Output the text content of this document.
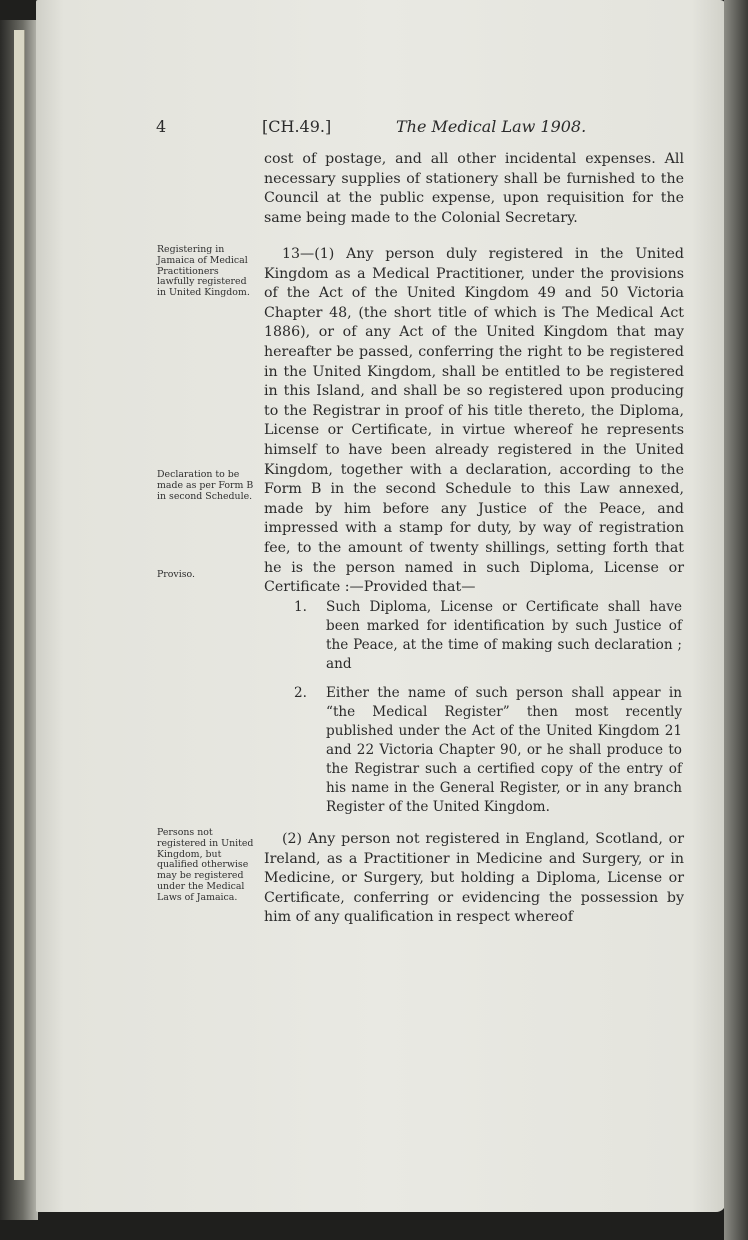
4	[CH.49.]	The Medical Law 1908.

cost of postage, and all other incidental expenses. All necessary supplies of stationery shall be furnished to the Council at the public expense, upon requisition for the same being made to the Colonial Secretary.

Registering in Jamaica of Medical Practitioners lawfully registered in United Kingdom.

13—(1) Any person duly registered in the United Kingdom as a Medical Practitioner, under the provisions of the Act of the United Kingdom 49 and 50 Victoria Chapter 48, (the short title of which is The Medical Act 1886), or of any Act of the United Kingdom that may hereafter be passed, conferring the right to be registered in the United Kingdom, shall be entitled to be registered in this Island, and shall be so registered upon producing to the Registrar in proof of his title thereto, the Diploma, License or Certificate, in virtue whereof he represents himself to have been already registered in the United Kingdom, together with a declaration, according to the Form B in the second Schedule to this Law annexed, made by him before any Justice of the Peace, and impressed with a stamp for duty, by way of registration fee, to the amount of twenty shillings, setting forth that he is the person named in such Diploma, License or Certificate :—Provided that—

Declaration to be made as per Form B in second Schedule.
Proviso.

1.	Such Diploma, License or Certificate shall have been marked for identification by such Justice of the Peace, at the time of making such declaration ; and

2.	Either the name of such person shall appear in “the Medical Register” then most recently published under the Act of the United Kingdom 21 and 22 Victoria Chapter 90, or he shall produce to the Registrar such a certified copy of the entry of his name in the General Register, or in any branch Register of the United Kingdom.

Persons not registered in United Kingdom, but qualified otherwise may be registered under the Medical Laws of Jamaica.

(2) Any person not registered in England, Scotland, or Ireland, as a Practitioner in Medicine and Surgery, or in Medicine, or Surgery, but holding a Diploma, License or Certificate, conferring or evidencing the possession by him of any qualification in respect whereof
